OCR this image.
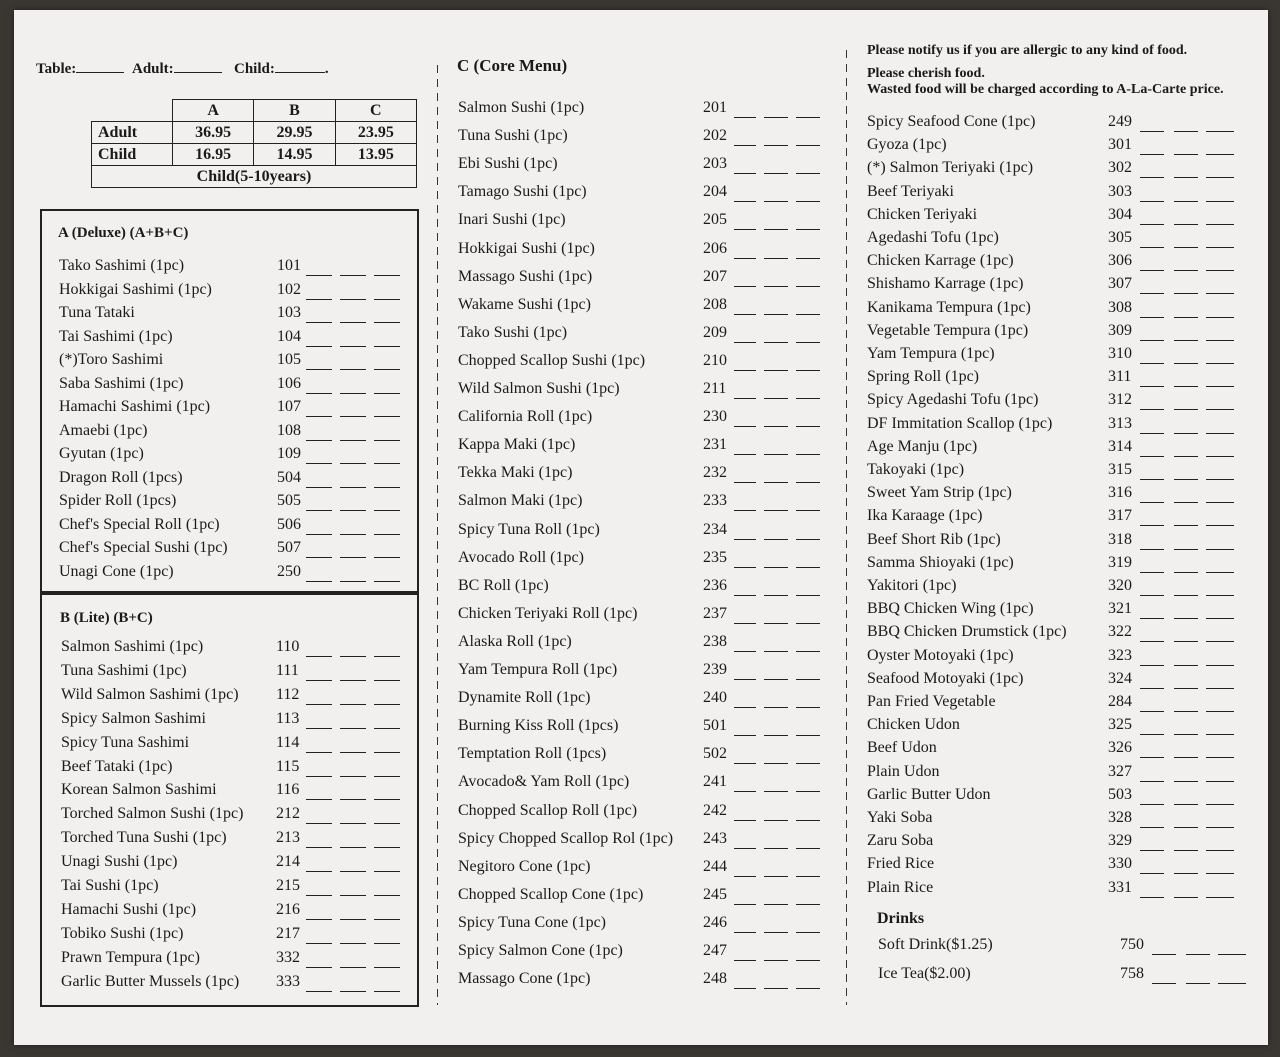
Table:	Adult:	Child:	.
	A	B	C
Adult	36.95	29.95	23.95
Child	16.95	14.95	13.95
Child(5-10years)			
A (Deluxe) (A+B+C)
B (Lite) (B+C)
C (Core Menu)
Please notify us if you are allergic to any kind of food.
Please cherish food.
Wasted food will be charged according to A-La-Carte price.
Drinks
Tako Sashimi (1pc)	101
Hokkigai Sashimi (1pc)	102
Tuna Tataki	103
Tai Sashimi (1pc)	104
(*)Toro Sashimi	105
Saba Sashimi (1pc)	106
Hamachi Sashimi (1pc)	107
Amaebi (1pc)	108
Gyutan (1pc)	109
Dragon Roll (1pcs)	504
Spider Roll (1pcs)	505
Chef's Special Roll (1pc)	506
Chef's Special Sushi (1pc)	507
Unagi Cone (1pc)	250
Salmon Sashimi (1pc)	110
Tuna Sashimi (1pc)	111
Wild Salmon Sashimi (1pc) 112
Spicy Salmon Sashimi	113
Spicy Tuna Sashimi	114
Beef Tataki (1pc)	115
Korean Salmon Sashimi	116
Torched Salmon Sushi (1pc) 212
Torched Tuna Sushi (1pc)	213
Unagi Sushi (1pc)	214
Tai Sushi (1pc)	215
Hamachi Sushi (1pc)	216
Tobiko Sushi (1pc)	217
Prawn Tempura (1pc)	332
Garlic Butter Mussels (1pc) 333
Salmon Sushi (1pc)	201
Tuna Sushi (1pc)	202
Ebi Sushi (1pc)	203
Tamago Sushi (1pc)	204
Inari Sushi (1pc)	205
Hokkigai Sushi (1pc)	206
Massago Sushi (1pc)	207
Wakame Sushi (1pc)	208
Tako Sushi (1pc)	209
Chopped Scallop Sushi (1pc)	210
Wild Salmon Sushi (1pc)	211
California Roll (1pc)	230
Kappa Maki (1pc)	231
Tekka Maki (1pc)	232
Salmon Maki (1pc)	233
Spicy Tuna Roll (1pc)	234
Avocado Roll (1pc)	235
BC Roll (1pc)	236
Chicken Teriyaki Roll (1pc)	237
Alaska Roll (1pc)	238
Yam Tempura Roll (1pc)	239
Dynamite Roll (1pc)	240
Burning Kiss Roll (1pcs)	501
Temptation Roll (1pcs)	502
Avocado& Yam Roll (1pc)	241
Chopped Scallop Roll (1pc)	242
Spicy Chopped Scallop Rol (1pc) 243
Negitoro Cone (1pc)	244
Chopped Scallop Cone (1pc)	245
Spicy Tuna Cone (1pc)	246
Spicy Salmon Cone (1pc)	247
Massago Cone (1pc)	248
Spicy Seafood Cone (1pc)	249
Gyoza (1pc)	301
(*) Salmon Teriyaki (1pc)	302
Beef Teriyaki	303
Chicken Teriyaki	304
Agedashi Tofu (1pc)	305
Chicken Karrage (1pc)	306
Shishamo Karrage (1pc)	307
Kanikama Tempura (1pc)	308
Vegetable Tempura (1pc)	309
Yam Tempura (1pc)	310
Spring Roll (1pc)	311
Spicy Agedashi Tofu (1pc)	312
DF Immitation Scallop (1pc)	313
Age Manju (1pc)	314
Takoyaki (1pc)	315
Sweet Yam Strip (1pc)	316
Ika Karaage (1pc)	317
Beef Short Rib (1pc)	318
Samma Shioyaki (1pc)	319
Yakitori (1pc)	320
BBQ Chicken Wing (1pc)	321
BBQ Chicken Drumstick (1pc)	322
Oyster Motoyaki (1pc)	323
Seafood Motoyaki (1pc)	324
Pan Fried Vegetable	284
Chicken Udon	325
Beef Udon	326
Plain Udon	327
Garlic Butter Udon	503
Yaki Soba	328
Zaru Soba	329
Fried Rice	330
Plain Rice	331
Soft Drink($1.25)	750
Ice Tea($2.00)	758
